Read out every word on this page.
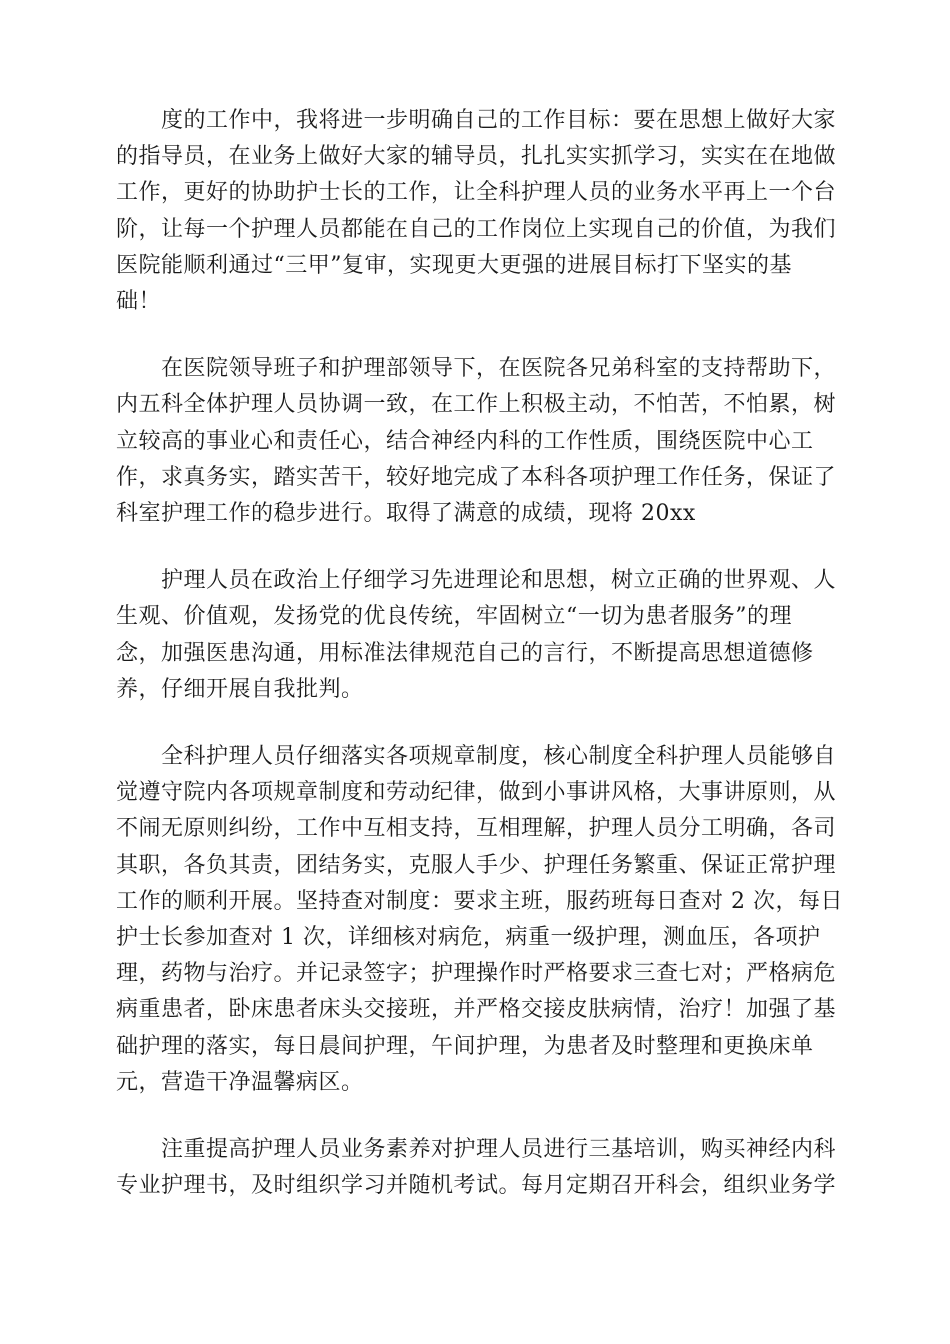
　　度的工作中，我将进一步明确自己的工作目标：要在思想上做好大家
的指导员，在业务上做好大家的辅导员，扎扎实实抓学习，实实在在地做
工作，更好的协助护士长的工作，让全科护理人员的业务水平再上一个台
阶，让每一个护理人员都能在自己的工作岗位上实现自己的价值，为我们
医院能顺利通过“三甲”复审，实现更大更强的进展目标打下坚实的基
础！

　　在医院领导班子和护理部领导下，在医院各兄弟科室的支持帮助下，
内五科全体护理人员协调一致，在工作上积极主动，不怕苦，不怕累，树
立较高的事业心和责任心，结合神经内科的工作性质，围绕医院中心工
作，求真务实，踏实苦干，较好地完成了本科各项护理工作任务，保证了
科室护理工作的稳步进行。取得了满意的成绩，现将 20xx

　　护理人员在政治上仔细学习先进理论和思想，树立正确的世界观、人
生观、价值观，发扬党的优良传统，牢固树立“一切为患者服务”的理
念，加强医患沟通，用标准法律规范自己的言行，不断提高思想道德修
养，仔细开展自我批判。

　　全科护理人员仔细落实各项规章制度，核心制度全科护理人员能够自
觉遵守院内各项规章制度和劳动纪律，做到小事讲风格，大事讲原则，从
不闹无原则纠纷，工作中互相支持，互相理解，护理人员分工明确，各司
其职，各负其责，团结务实，克服人手少、护理任务繁重、保证正常护理
工作的顺利开展。坚持查对制度：要求主班，服药班每日查对 2 次，每日
护士长参加查对 1 次，详细核对病危，病重一级护理，测血压，各项护
理，药物与治疗。并记录签字；护理操作时严格要求三查七对；严格病危
病重患者，卧床患者床头交接班，并严格交接皮肤病情，治疗！加强了基
础护理的落实，每日晨间护理，午间护理，为患者及时整理和更换床单
元，营造干净温馨病区。

　　注重提高护理人员业务素养对护理人员进行三基培训，购买神经内科
专业护理书，及时组织学习并随机考试。每月定期召开科会，组织业务学
